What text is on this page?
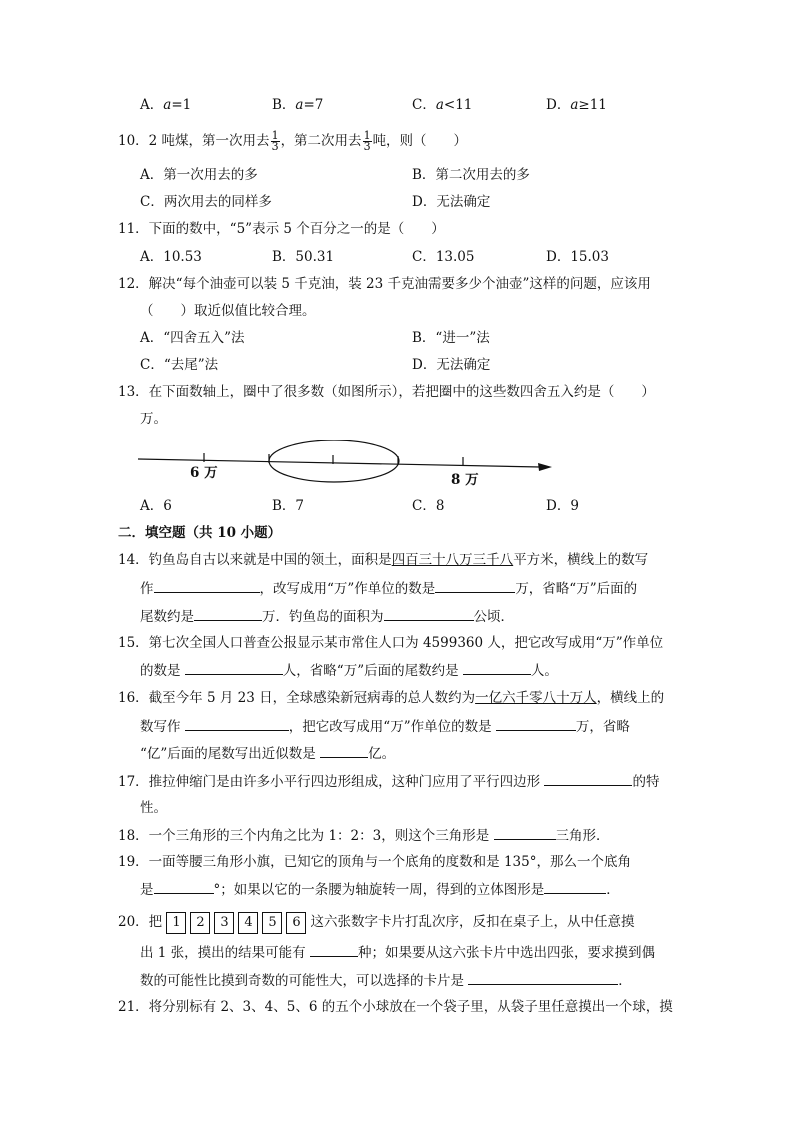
A．a=1	B．a=7	C．a<11	D．a≥11
10．2 吨煤，第一次用去 $\frac{1}{3}$ ，第二次用去 $\frac{1}{3}$ 吨，则（　　）
A．第一次用去的多	B．第二次用去的多
C．两次用去的同样多	D．无法确定
11．下面的数中，“5”表示 5 个百分之一的是（　　）
A．10.53	B．50.31	C．13.05	D．15.03
12．解决“每个油壶可以装 5 千克油，装 23 千克油需要多少个油壶”这样的问题，应该用
（　　）取近似值比较合理。
A．“四舍五入”法	B．“进一”法
C．“去尾”法	D．无法确定
13．在下面数轴上，圈中了很多数（如图所示），若把圈中的这些数四舍五入约是（　　）
万。
6 万	8 万
A．6	B．7	C．8	D．9
二．填空题（共 10 小题）
14．钓鱼岛自古以来就是中国的领土，面积是四百三十八万三千八平方米，横线上的数写
作	，改写成用“万”作单位的数是	万，省略“万”后面的
尾数约是	万．钓鱼岛的面积为	公顷．
15．第七次全国人口普查公报显示某市常住人口为 4599360 人，把它改写成用“万”作单位
的数是	人，省略“万”后面的尾数约是	人。
16．截至今年 5 月 23 日，全球感染新冠病毒的总人数约为一亿六千零八十万人，横线上的
数写作	，把它改写成用“万”作单位的数是	万，省略
“亿”后面的尾数写出近似数是	亿。
17．推拉伸缩门是由许多小平行四边形组成，这种门应用了平行四边形	的特
性。
18．一个三角形的三个内角之比为 1：2：3，则这个三角形是	三角形．
19．一面等腰三角形小旗，已知它的顶角与一个底角的度数和是 135°，那么一个底角
是	°；如果以它的一条腰为轴旋转一周，得到的立体图形是	．
20．把 1 2 3 4 5 6 这六张数字卡片打乱次序，反扣在桌子上，从中任意摸
出 1 张，摸出的结果可能有	种；如果要从这六张卡片中选出四张，要求摸到偶
数的可能性比摸到奇数的可能性大，可以选择的卡片是	．
21．将分别标有 2、3、4、5、6 的五个小球放在一个袋子里，从袋子里任意摸出一个球，摸
